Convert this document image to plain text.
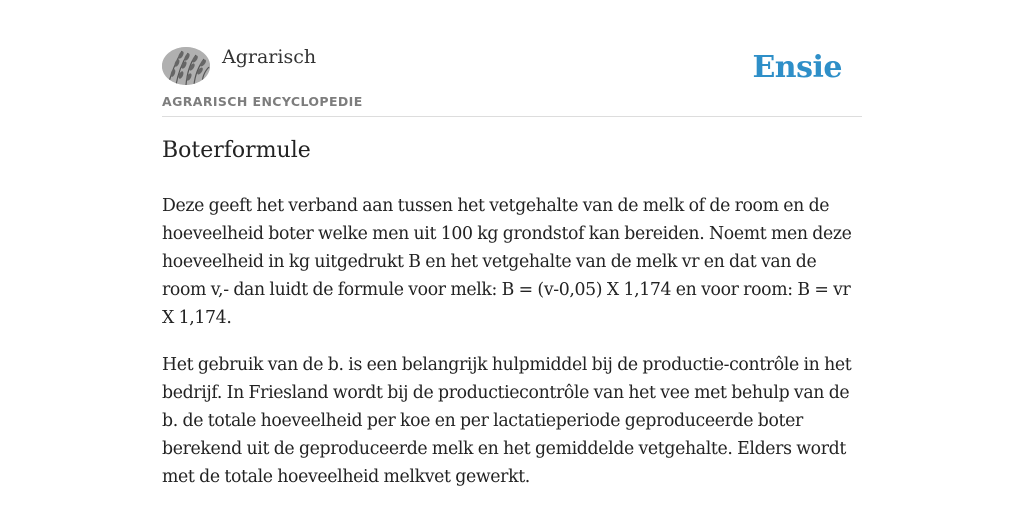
Agrarisch
AGRARISCH ENCYCLOPEDIE
Ensie
Boterformule

Deze geeft het verband aan tussen het vetgehalte van de melk of de room en de hoeveelheid boter welke men uit 100 kg grondstof kan bereiden. Noemt men deze hoeveelheid in kg uitgedrukt B en het vetgehalte van de melk vr en dat van de room v,- dan luidt de formule voor melk: B = (v-0,05) X 1,174 en voor room: B = vr X 1,174.

Het gebruik van de b. is een belangrijk hulpmiddel bij de productie-contrôle in het bedrijf. In Friesland wordt bij de productiecontrôle van het vee met behulp van de b. de totale hoeveelheid per koe en per lactatieperiode geproduceerde boter berekend uit de geproduceerde melk en het gemiddelde vetgehalte. Elders wordt met de totale hoeveelheid melkvet gewerkt.
